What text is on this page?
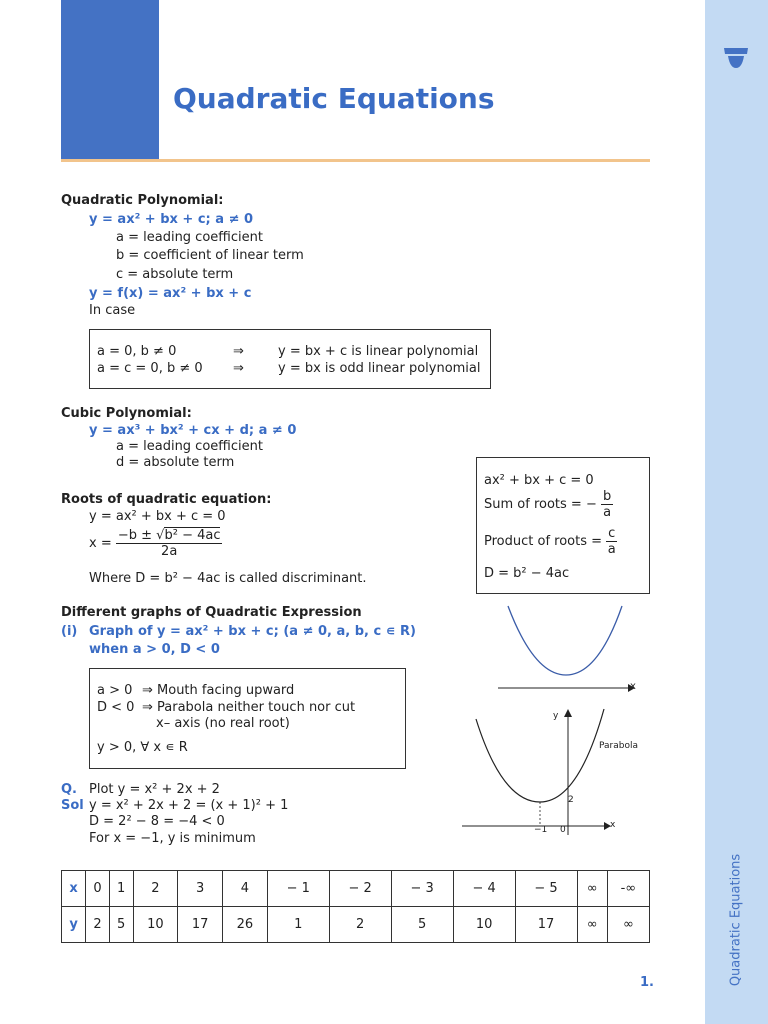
Quadratic Equations
Quadratic Equations
Quadratic Polynomial:
y = ax² + bx + c; a ≠ 0
a = leading coefficient
b = coefficient of linear term
c = absolute term
y = f(x) = ax² + bx + c
In case
a = 0, b ≠ 0	⇒	y = bx + c is linear polynomial
a = c = 0, b ≠ 0 ⇒	y = bx is odd linear polynomial
Cubic Polynomial:
y = ax³ + bx² + cx + d; a ≠ 0
a = leading coefficient
d = absolute term
ax² + bx + c = 0
Sum of roots = − $\frac{b}{a}$
Product of roots = $\frac{c}{a}$
D = b² − 4ac
Roots of quadratic equation:
y = ax² + bx + c = 0
$x = \frac{\text{−b ± √b² − 4ac}}{2a}$
Where D = b² − 4ac is called discriminant.
Different graphs of Quadratic Expression
(i) Graph of y = ax² + bx + c; (a ≠ 0, a, b, c ∊ R)
when a > 0, D < 0
a > 0 ⇒ Mouth facing upward
D < 0 ⇒ Parabola neither touch nor cut
x– axis (no real root)
y > 0, ∀ x ∊ R
x
y
Parabola
2
x
−1 0
Q. Plot y = x² + 2x + 2
Sol y = x² + 2x + 2 = (x + 1)² + 1
D = 2² − 8 = −4 < 0
For x = −1, y is minimum
x	0	1	2	3	4	− 1	− 2	− 3	− 4	− 5	∞	-∞
y	2	5	10	17	26	1	2	5	10	17	∞	∞
1.
